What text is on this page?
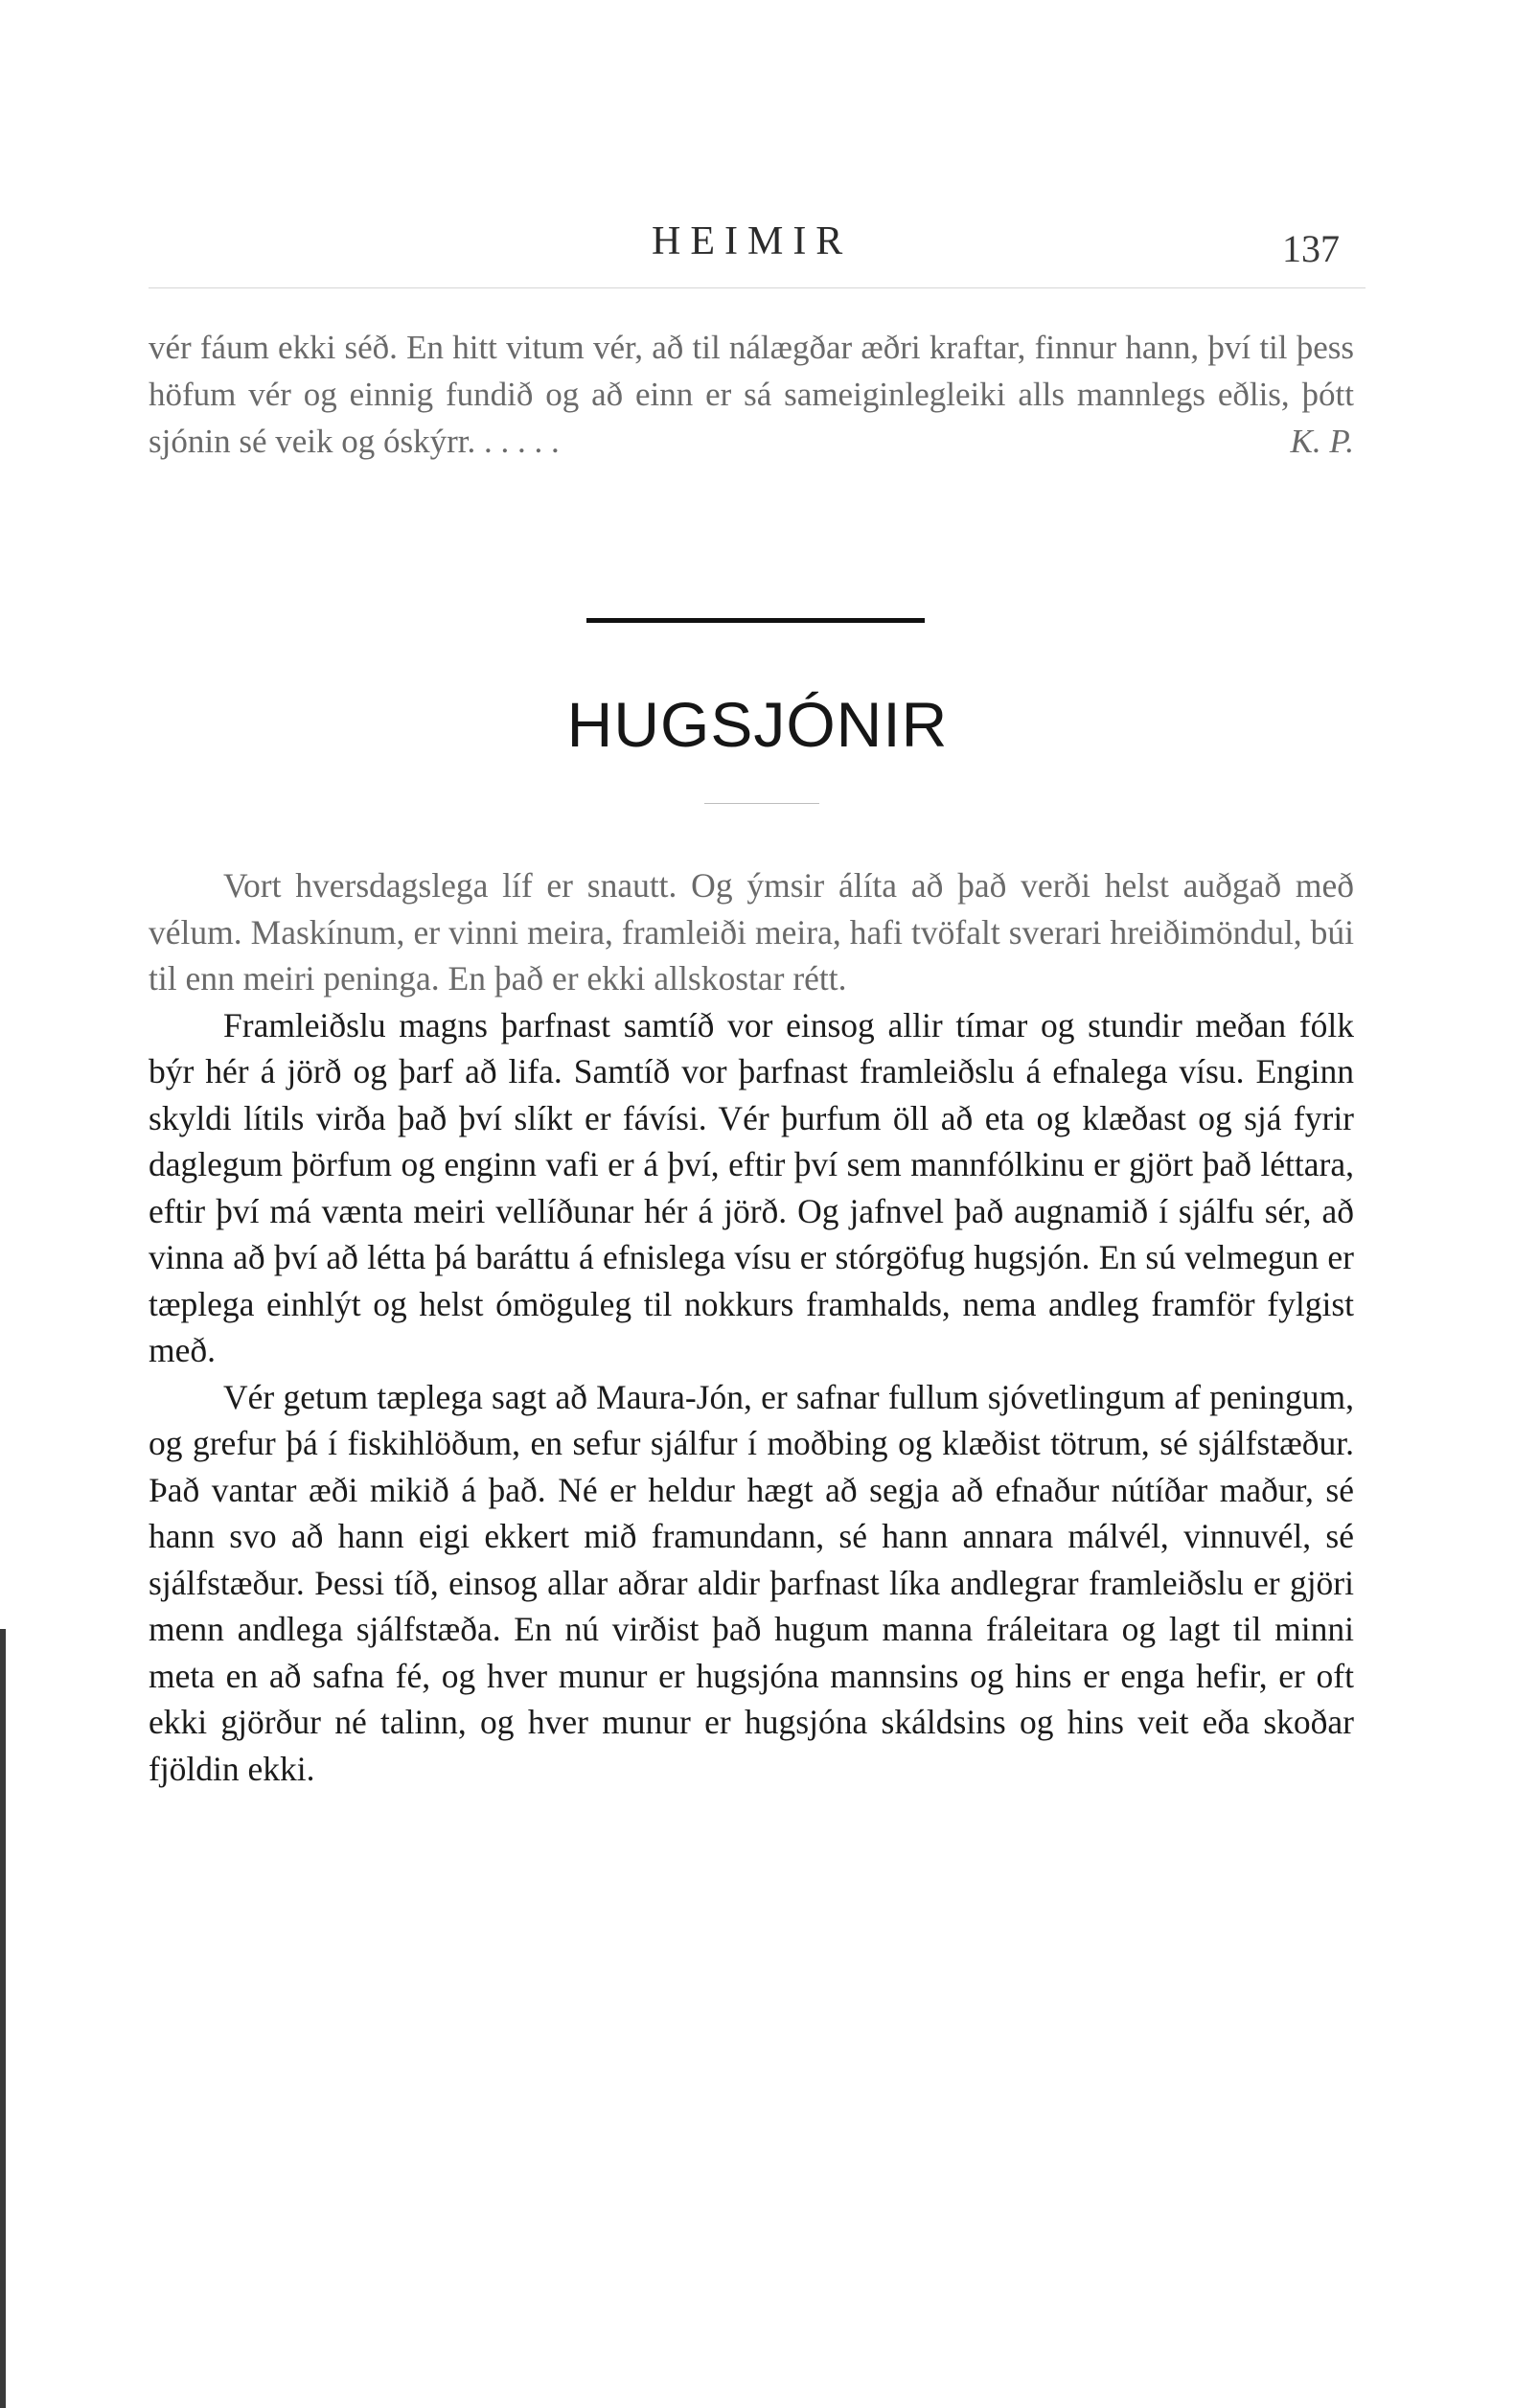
HEIMIR	137

vér fáum ekki séð. En hitt vitum vér, að til nálægðar æðri kraftar, finnur hann, því til þess höfum vér og einnig fundið og að einn er sá sameiginlegleiki alls mannlegs eðlis, þótt sjónin sé veik og óskýrr. . . . . .	K. P.

HUGSJÓNIR

Vort hversdagslega líf er snautt. Og ýmsir álíta að það verði helst auðgað með vélum. Maskínum, er vinni meira, framleiði meira, hafi tvöfalt sverari hreiðimöndul, búi til enn meiri peninga. En það er ekki allskostar rétt.

Framleiðslu magns þarfnast samtíð vor einsog allir tímar og stundir meðan fólk býr hér á jörð og þarf að lifa. Samtíð vor þarfnast framleiðslu á efnalega vísu. Enginn skyldi lítils virða það því slíkt er fávísi. Vér þurfum öll að eta og klæðast og sjá fyrir daglegum þörfum og enginn vafi er á því, eftir því sem mannfólkinu er gjört það léttara, eftir því má vænta meiri vellíðunar hér á jörð. Og jafnvel það augnamið í sjálfu sér, að vinna að því að létta þá baráttu á efnislega vísu er stórgöfug hugsjón. En sú velmegun er tæplega einhlýt og helst ómöguleg til nokkurs framhalds, nema andleg framför fylgist með.

Vér getum tæplega sagt að Maura-Jón, er safnar fullum sjóvetlingum af peningum, og grefur þá í fiskihlöðum, en sefur sjálfur í moðbing og klæðist tötrum, sé sjálfstæður. Það vantar æði mikið á það. Né er heldur hægt að segja að efnaður nútíðar maður, sé hann svo að hann eigi ekkert mið framundann, sé hann annara málvél, vinnuvél, sé sjálfstæður. Þessi tíð, einsog allar aðrar aldir þarfnast líka andlegrar framleiðslu er gjöri menn andlega sjálfstæða. En nú virðist það hugum manna fráleitara og lagt til minni meta en að safna fé, og hver munur er hugsjóna mannsins og hins er enga hefir, er oft ekki gjörður né talinn, og hver munur er hugsjóna skáldsins og hins veit eða skoðar fjöldin ekki.
